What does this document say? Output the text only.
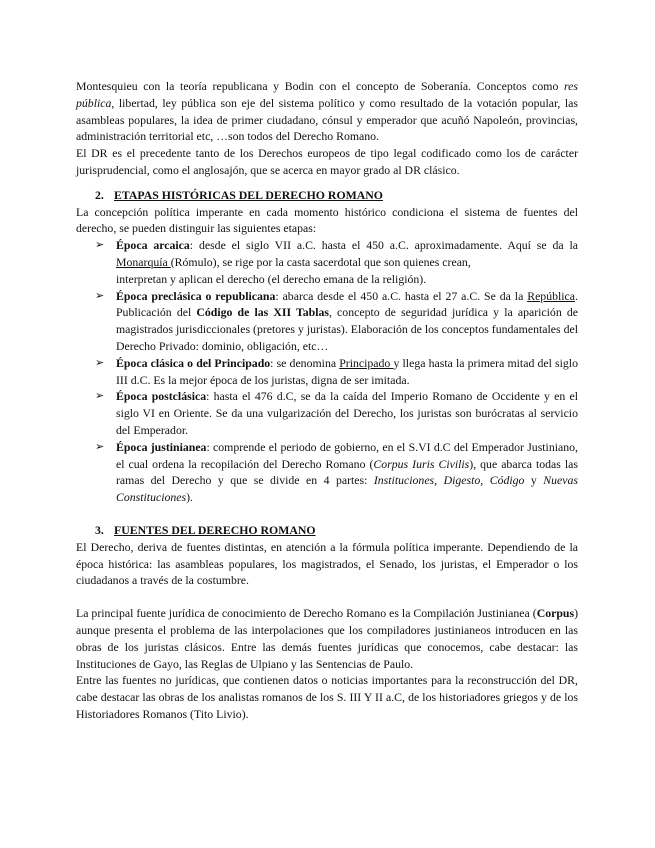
Montesquieu con la teoría republicana y Bodin con el concepto de Soberanía. Conceptos como res pública, libertad, ley pública son eje del sistema político y como resultado de la votación popular, las asambleas populares, la idea de primer ciudadano, cónsul y emperador que acuñó Napoleón, provincias, administración territorial etc, …son todos del Derecho Romano.

El DR es el precedente tanto de los Derechos europeos de tipo legal codificado como los de carácter jurisprudencial, como el anglosajón, que se acerca en mayor grado al DR clásico.

2. ETAPAS HISTÓRICAS DEL DERECHO ROMANO

La concepción política imperante en cada momento histórico condiciona el sistema de fuentes del derecho, se pueden distinguir las siguientes etapas:

➢ Época arcaica: desde el siglo VII a.C. hasta el 450 a.C. aproximadamente. Aquí se da la Monarquía (Rómulo), se rige por la casta sacerdotal que son quienes crean,
interpretan y aplican el derecho (el derecho emana de la religión).
➢ Época preclásica o republicana: abarca desde el 450 a.C. hasta el 27 a.C. Se da la República. Publicación del Código de las XII Tablas, concepto de seguridad jurídica y la aparición de magistrados jurisdiccionales (pretores y juristas). Elaboración de los conceptos fundamentales del Derecho Privado: dominio, obligación, etc…
➢ Época clásica o del Principado: se denomina Principado y llega hasta la primera mitad del siglo III d.C. Es la mejor época de los juristas, digna de ser imitada.
➢ Época postclásica: hasta el 476 d.C, se da la caída del Imperio Romano de Occidente y en el siglo VI en Oriente. Se da una vulgarización del Derecho, los juristas son burócratas al servicio del Emperador.
➢ Época justinianea: comprende el periodo de gobierno, en el S.VI d.C del Emperador Justiniano, el cual ordena la recopilación del Derecho Romano (Corpus Iuris Civilis), que abarca todas las ramas del Derecho y que se divide en 4 partes: Instituciones, Digesto, Código y Nuevas Constituciones).
3. FUENTES DEL DERECHO ROMANO

El Derecho, deriva de fuentes distintas, en atención a la fórmula política imperante. Dependiendo de la época histórica: las asambleas populares, los magistrados, el Senado, los juristas, el Emperador o los ciudadanos a través de la costumbre.

La principal fuente jurídica de conocimiento de Derecho Romano es la Compilación Justinianea (Corpus) aunque presenta el problema de las interpolaciones que los compiladores justinianeos introducen en las obras de los juristas clásicos. Entre las demás fuentes jurídicas que conocemos, cabe destacar: las Instituciones de Gayo, las Reglas de Ulpiano y las Sentencias de Paulo.

Entre las fuentes no jurídicas, que contienen datos o noticias importantes para la reconstrucción del DR, cabe destacar las obras de los analistas romanos de los S. III Y II a.C, de los historiadores griegos y de los Historiadores Romanos (Tito Livio).
